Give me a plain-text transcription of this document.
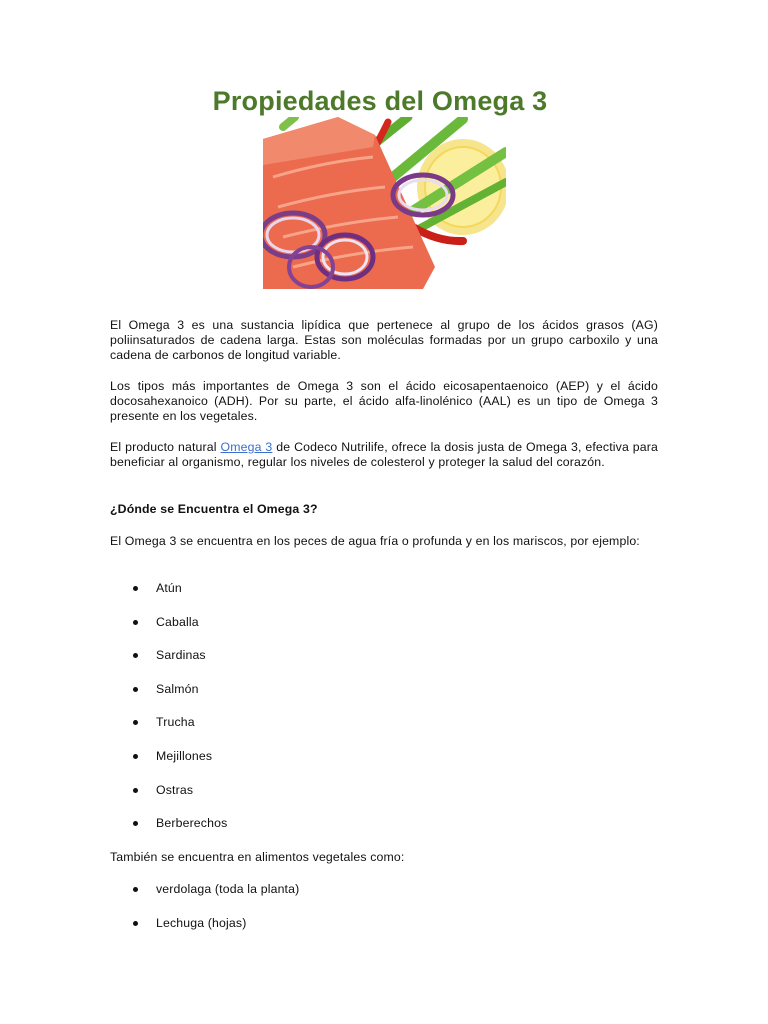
Propiedades del Omega 3

El Omega 3 es una sustancia lipídica que pertenece al grupo de los ácidos grasos (AG) poliinsaturados de cadena larga. Estas son moléculas formadas por un grupo carboxilo y una cadena de carbonos de longitud variable.

Los tipos más importantes de Omega 3 son el ácido eicosapentaenoico (AEP) y el ácido docosahexanoico (ADH). Por su parte, el ácido alfa-linolénico (AAL) es un tipo de Omega 3 presente en los vegetales.

El producto natural Omega 3 de Codeco Nutrilife, ofrece la dosis justa de Omega 3, efectiva para beneficiar al organismo, regular los niveles de colesterol y proteger la salud del corazón.

¿Dónde se Encuentra el Omega 3?

El Omega 3 se encuentra en los peces de agua fría o profunda y en los mariscos, por ejemplo:

Atún
Caballa
Sardinas
Salmón
Trucha
Mejillones
Ostras
Berberechos

También se encuentra en alimentos vegetales como:

verdolaga (toda la planta)
Lechuga (hojas)
